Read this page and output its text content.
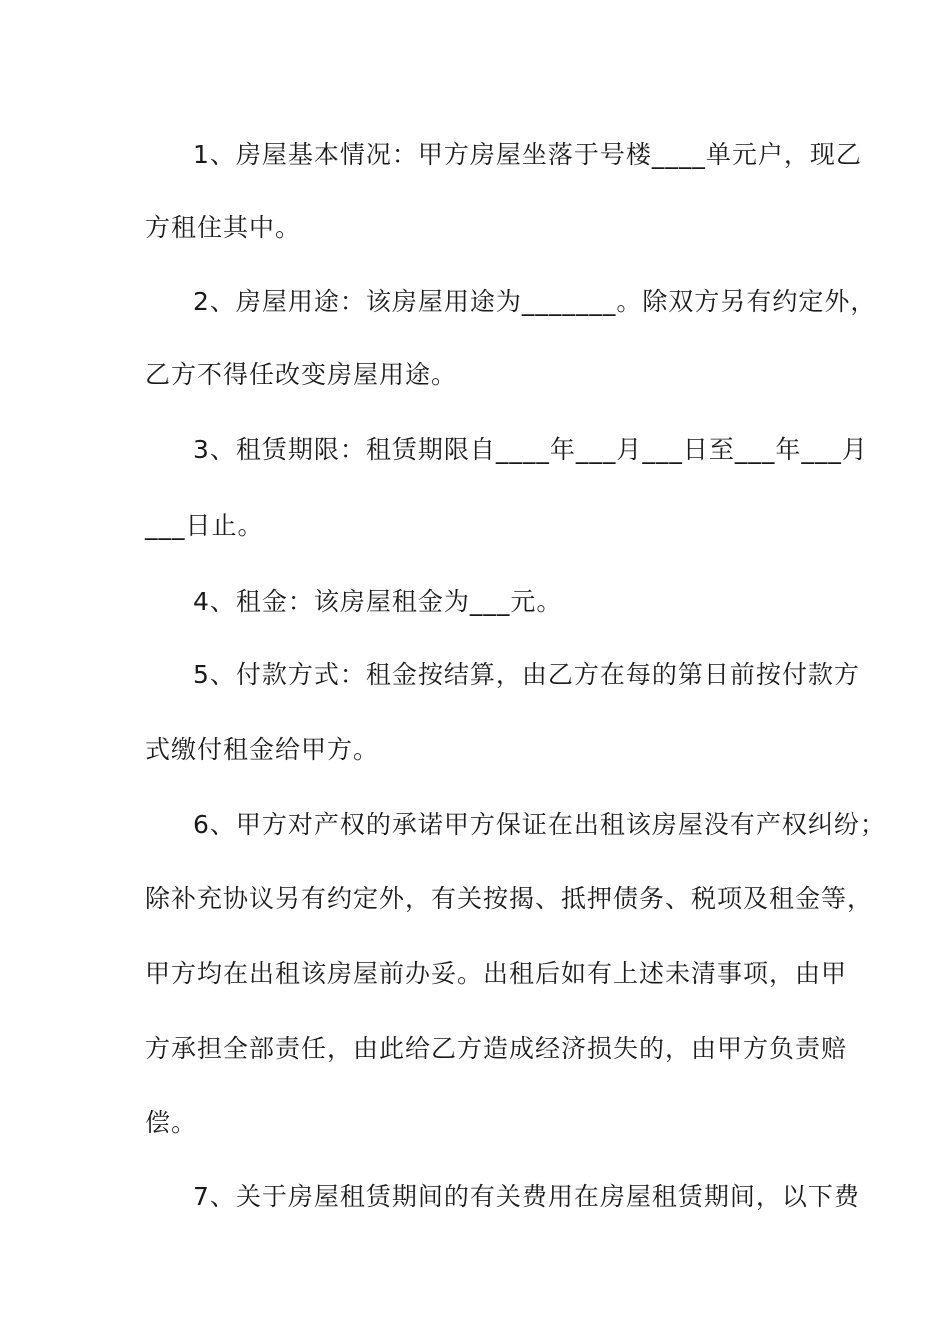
1、房屋基本情况：甲方房屋坐落于号楼____单元户，现乙
方租住其中。
2、房屋用途：该房屋用途为_______。除双方另有约定外，
乙方不得任改变房屋用途。
3、租赁期限：租赁期限自____年___月___日至___年___月
___日止。
4、租金：该房屋租金为___元。
5、付款方式：租金按结算，由乙方在每的第日前按付款方
式缴付租金给甲方。
6、甲方对产权的承诺甲方保证在出租该房屋没有产权纠纷；
除补充协议另有约定外，有关按揭、抵押债务、税项及租金等，
甲方均在出租该房屋前办妥。出租后如有上述未清事项，由甲
方承担全部责任，由此给乙方造成经济损失的，由甲方负责赔
偿。
7、关于房屋租赁期间的有关费用在房屋租赁期间，以下费
